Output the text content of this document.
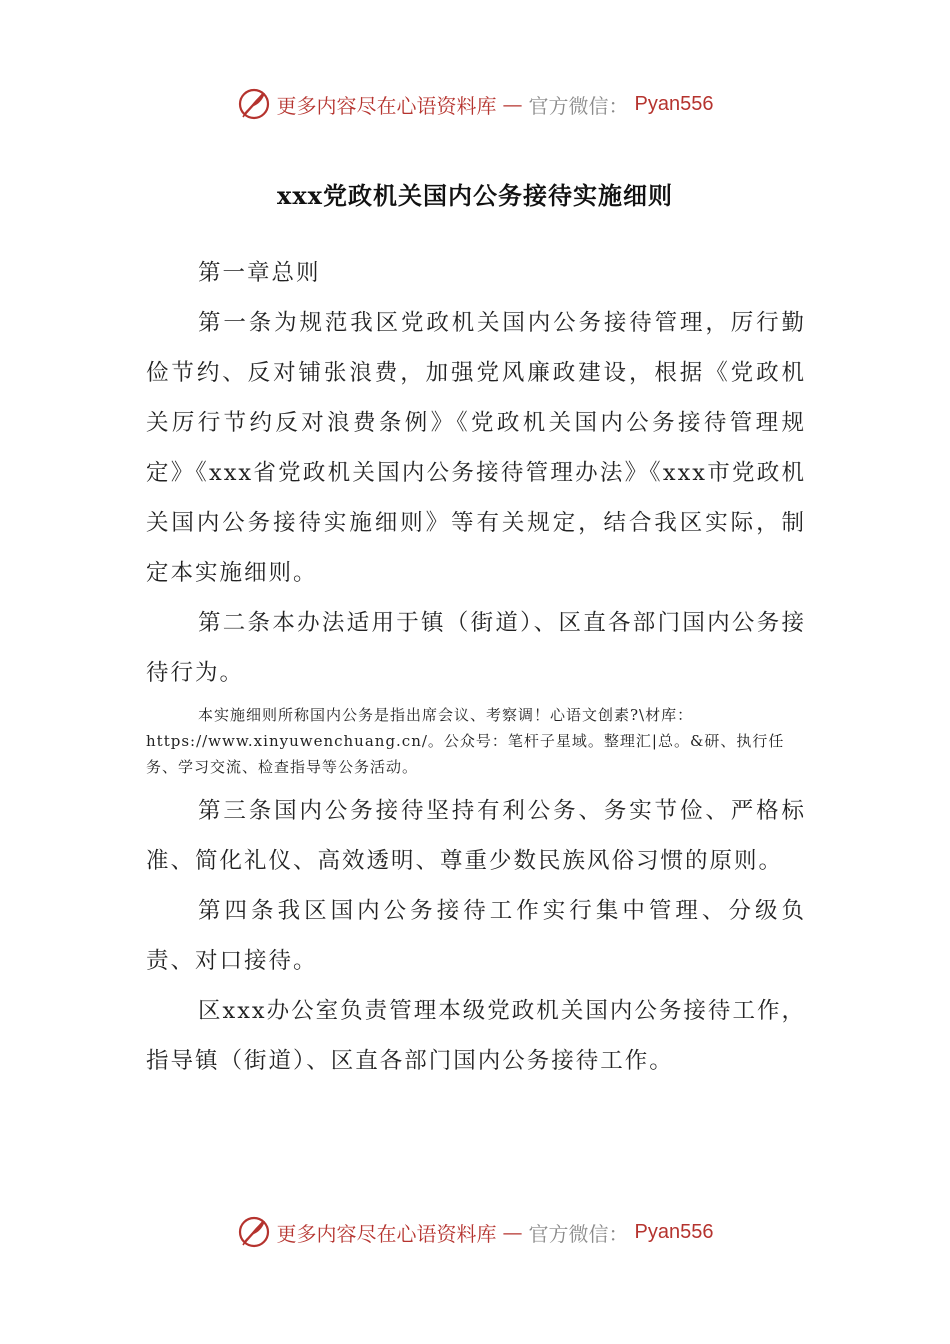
更多内容尽在心语资料库 — 官方微信： Pyan556
xxx党政机关国内公务接待实施细则

第一章总则

第一条为规范我区党政机关国内公务接待管理，厉行勤俭节约、反对铺张浪费，加强党风廉政建设，根据《党政机关厉行节约反对浪费条例》《党政机关国内公务接待管理规定》《xxx省党政机关国内公务接待管理办法》《xxx市党政机关国内公务接待实施细则》等有关规定，结合我区实际，制定本实施细则。

第二条本办法适用于镇（街道）、区直各部门国内公务接待行为。

本实施细则所称国内公务是指出席会议、考察调！心语文创素?\材库：https://www.xinyuwenchuang.cn/。公众号：笔杆子星域。整理汇|总。&研、执行任务、学习交流、检查指导等公务活动。

第三条国内公务接待坚持有利公务、务实节俭、严格标准、简化礼仪、高效透明、尊重少数民族风俗习惯的原则。

第四条我区国内公务接待工作实行集中管理、分级负责、对口接待。

区xxx办公室负责管理本级党政机关国内公务接待工作，指导镇（街道）、区直各部门国内公务接待工作。

更多内容尽在心语资料库 — 官方微信： Pyan556
